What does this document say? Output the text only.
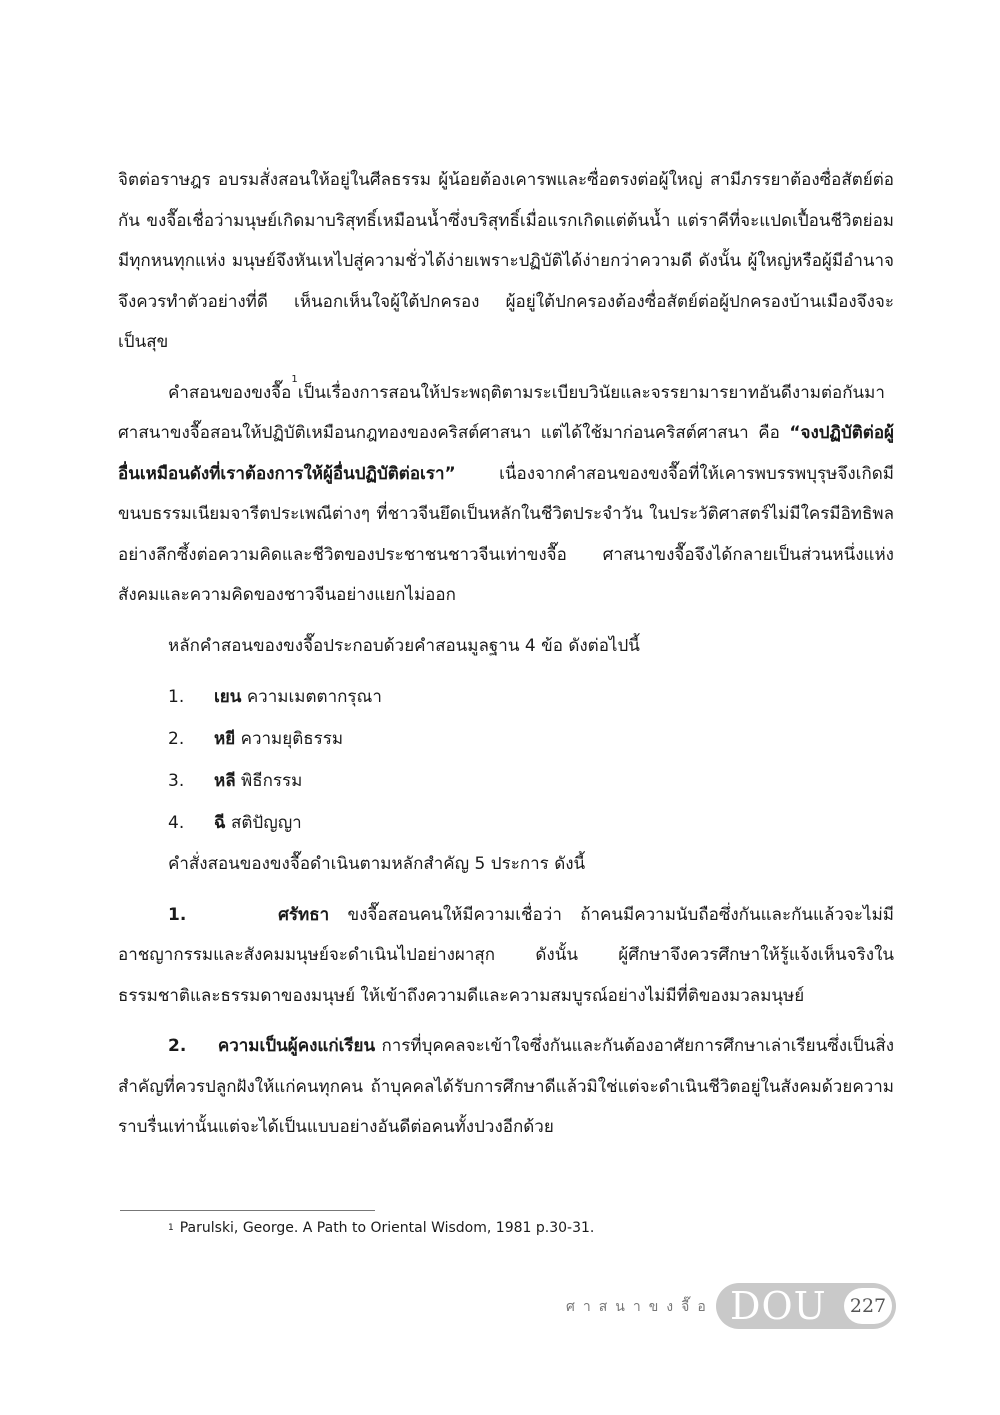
จิตต่อราษฎร อบรมสั่งสอนให้อยู่ในศีลธรรม ผู้น้อยต้องเคารพและซื่อตรงต่อผู้ใหญ่ สามีภรรยาต้องซื่อสัตย์ต่อกัน ขงจื๊อเชื่อว่ามนุษย์เกิดมาบริสุทธิ์เหมือนน้ำซึ่งบริสุทธิ์เมื่อแรกเกิดแต่ต้นน้ำ แต่ราคีที่จะแปดเปื้อนชีวิตย่อมมีทุกหนทุกแห่ง มนุษย์จึงหันเหไปสู่ความชั่วได้ง่ายเพราะปฏิบัติได้ง่ายกว่าความดี ดังนั้น ผู้ใหญ่หรือผู้มีอำนาจจึงควรทำตัวอย่างที่ดี เห็นอกเห็นใจผู้ใต้ปกครอง ผู้อยู่ใต้ปกครองต้องซื่อสัตย์ต่อผู้ปกครองบ้านเมืองจึงจะเป็นสุข

คำสอนของขงจื๊อ$^1$เป็นเรื่องการสอนให้ประพฤติตามระเบียบวินัยและจรรยามารยาทอันดีงามต่อกันมา ศาสนาขงจื๊อสอนให้ปฏิบัติเหมือนกฎทองของคริสต์ศาสนา แต่ได้ใช้มาก่อนคริสต์ศาสนา คือ “จงปฏิบัติต่อผู้อื่นเหมือนดังที่เราต้องการให้ผู้อื่นปฏิบัติต่อเรา” เนื่องจากคำสอนของขงจื๊อที่ให้เคารพบรรพบุรุษจึงเกิดมีขนบธรรมเนียมจารีตประเพณีต่างๆ ที่ชาวจีนยึดเป็นหลักในชีวิตประจำวัน ในประวัติศาสตร์ไม่มีใครมีอิทธิพลอย่างลึกซึ้งต่อความคิดและชีวิตของประชาชนชาวจีนเท่าขงจื๊อ ศาสนาขงจื๊อจึงได้กลายเป็นส่วนหนึ่งแห่งสังคมและความคิดของชาวจีนอย่างแยกไม่ออก

หลักคำสอนของขงจื๊อประกอบด้วยคำสอนมูลฐาน 4 ข้อ ดังต่อไปนี้

1. เยน ความเมตตากรุณา
2. หยี ความยุติธรรม
3. หลี พิธีกรรม
4. ฉี สติปัญญา

คำสั่งสอนของขงจื๊อดำเนินตามหลักสำคัญ 5 ประการ ดังนี้

1.	ศรัทธา ขงจื๊อสอนคนให้มีความเชื่อว่า ถ้าคนมีความนับถือซึ่งกันและกันแล้วจะไม่มีอาชญากรรมและสังคมมนุษย์จะดำเนินไปอย่างผาสุก ดังนั้น ผู้ศึกษาจึงควรศึกษาให้รู้แจ้งเห็นจริงในธรรมชาติและธรรมดาของมนุษย์ ให้เข้าถึงความดีและความสมบูรณ์อย่างไม่มีที่ติของมวลมนุษย์

2. ความเป็นผู้คงแก่เรียน การที่บุคคลจะเข้าใจซึ่งกันและกันต้องอาศัยการศึกษาเล่าเรียนซึ่งเป็นสิ่งสำคัญที่ควรปลูกฝังให้แก่คนทุกคน ถ้าบุคคลได้รับการศึกษาดีแล้วมิใช่แต่จะดำเนินชีวิตอยู่ในสังคมด้วยความราบรื่นเท่านั้นแต่จะได้เป็นแบบอย่างอันดีต่อคนทั้งปวงอีกด้วย

$^1$ Parulski, George. A Path to Oriental Wisdom, 1981 p.30-31.
ศาสนาขงจื๊อ DOU	227
